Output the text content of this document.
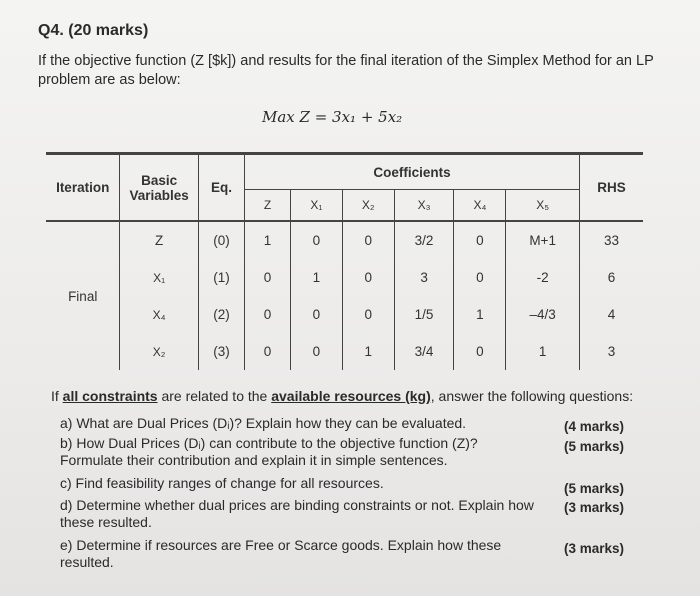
Q4. (20 marks)
If the objective function (Z [$k]) and results for the final iteration of the Simplex Method for an LP problem are as below:
Max Z = 3x₁ + 5x₂
Iteration	Basic Variables	Eq.	Coefficients						RHS
			Z	X₁	X₂	X₃	X₄	X₅	
Final	Z	(0)	1	0	0	3/2	0	M+1	33
	X₁	(1)	0	1	0	3	0	-2	6
	X₄	(2)	0	0	0	1/5	1	–4/3	4
	X₂	(3)	0	0	1	3/4	0	1	3
If all constraints are related to the available resources (kg), answer the following questions:
a) What are Dual Prices (Dᵢ)? Explain how they can be evaluated.	(4 marks)
b) How Dual Prices (Dᵢ) can contribute to the objective function (Z)? Formulate their contribution and explain it in simple sentences.
(5 marks)
c) Find feasibility ranges of change for all resources.	(5 marks)
d) Determine whether dual prices are binding constraints or not. Explain how these resulted.
(3 marks)
e) Determine if resources are Free or Scarce goods. Explain how these resulted.
(3 marks)
